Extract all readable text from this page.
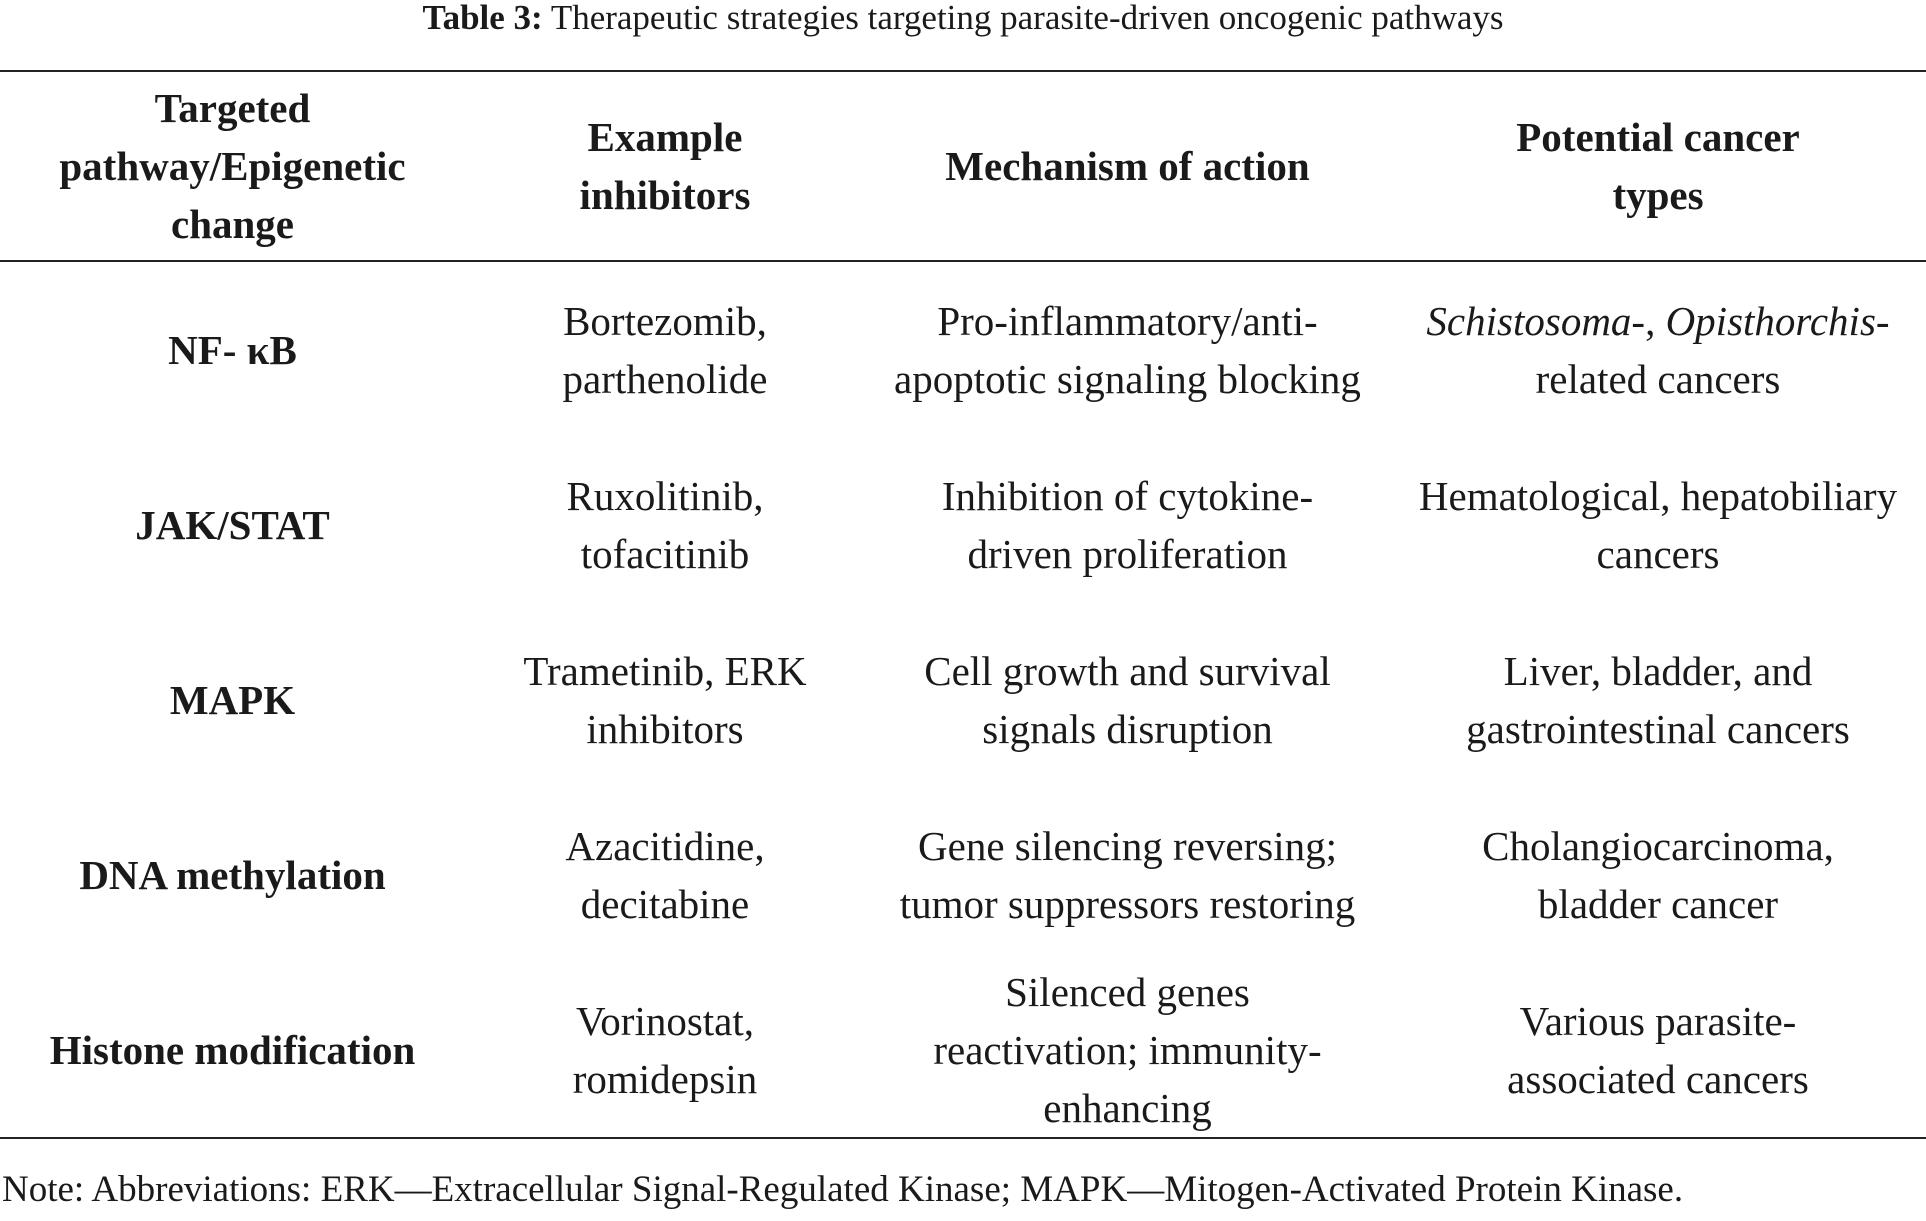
Table 3: Therapeutic strategies targeting parasite-driven oncogenic pathways
Targeted pathway/Epigenetic change	Example inhibitors	Mechanism of action	Potential cancer types
NF- κB	Bortezomib, parthenolide	Pro-inflammatory/anti-apoptotic signaling blocking	Schistosoma-, Opisthorchis-related cancers
JAK/STAT	Ruxolitinib, tofacitinib	Inhibition of cytokine-driven proliferation	Hematological, hepatobiliary cancers
MAPK	Trametinib, ERK inhibitors	Cell growth and survival signals disruption	Liver, bladder, and gastrointestinal cancers
DNA methylation	Azacitidine, decitabine	Gene silencing reversing; tumor suppressors restoring	Cholangiocarcinoma, bladder cancer
Histone modification	Vorinostat, romidepsin	Silenced genes reactivation; immunity-enhancing	Various parasite-associated cancers
Note: Abbreviations: ERK—Extracellular Signal-Regulated Kinase; MAPK—Mitogen-Activated Protein Kinase.
